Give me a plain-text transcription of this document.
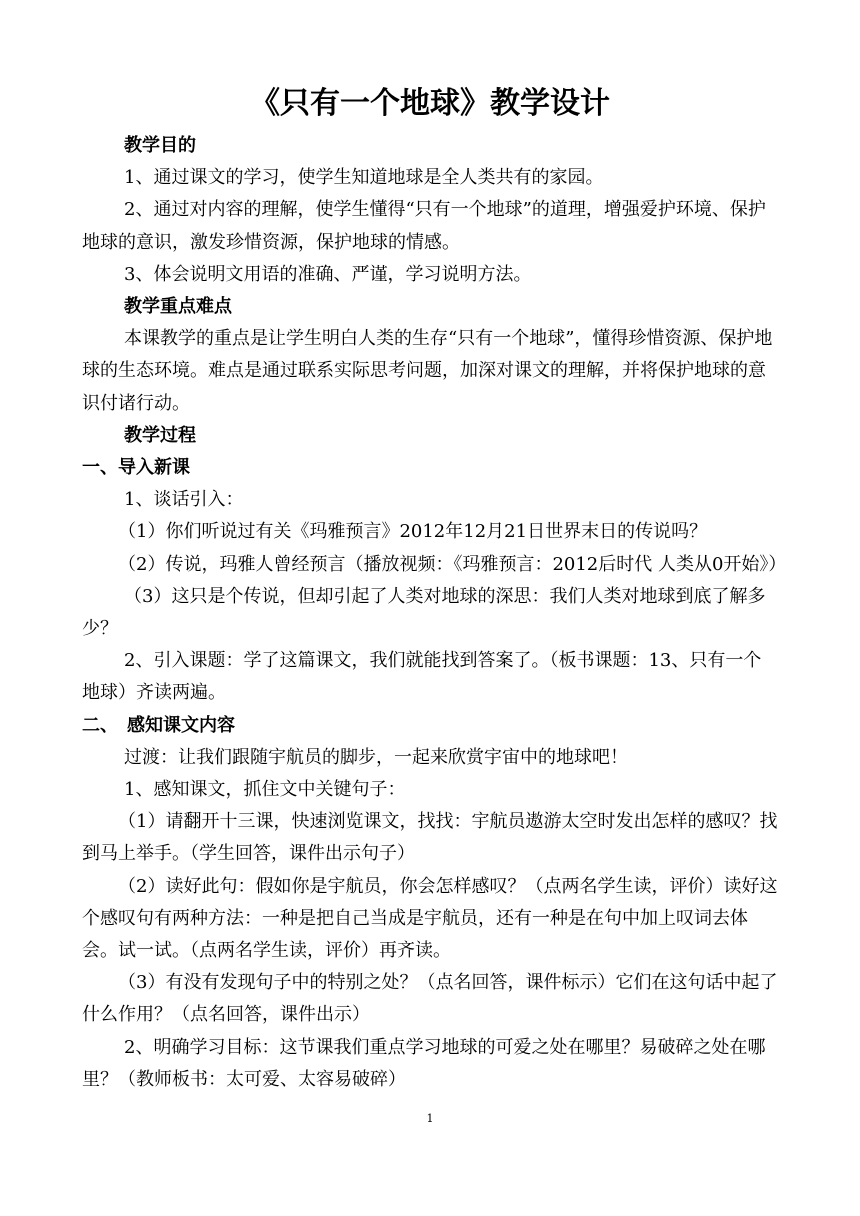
《只有一个地球》教学设计

教学目的

1、通过课文的学习，使学生知道地球是全人类共有的家园。

2、通过对内容的理解，使学生懂得“只有一个地球”的道理，增强爱护环境、保护地球的意识，激发珍惜资源，保护地球的情感。

3、体会说明文用语的准确、严谨，学习说明方法。

教学重点难点

本课教学的重点是让学生明白人类的生存“只有一个地球”，懂得珍惜资源、保护地球的生态环境。难点是通过联系实际思考问题，加深对课文的理解，并将保护地球的意识付诸行动。

教学过程

一、导入新课

1、谈话引入：

（1）你们听说过有关《玛雅预言》2012年12月21日世界末日的传说吗？

（2）传说，玛雅人曾经预言（播放视频：《玛雅预言：2012后时代 人类从0开始》）

（3）这只是个传说，但却引起了人类对地球的深思：我们人类对地球到底了解多少？

2、引入课题：学了这篇课文，我们就能找到答案了。（板书课题：13、只有一个地球）齐读两遍。

二、　感知课文内容

过渡：让我们跟随宇航员的脚步，一起来欣赏宇宙中的地球吧！

1、感知课文，抓住文中关键句子：

（1）请翻开十三课，快速浏览课文，找找：宇航员遨游太空时发出怎样的感叹？找到马上举手。（学生回答，课件出示句子）

（2）读好此句：假如你是宇航员，你会怎样感叹？（点两名学生读，评价）读好这个感叹句有两种方法：一种是把自己当成是宇航员，还有一种是在句中加上叹词去体会。试一试。（点两名学生读，评价）再齐读。

（3）有没有发现句子中的特别之处？（点名回答，课件标示）它们在这句话中起了什么作用？（点名回答，课件出示）

2、明确学习目标：这节课我们重点学习地球的可爱之处在哪里？易破碎之处在哪里？（教师板书：太可爱、太容易破碎）

1
